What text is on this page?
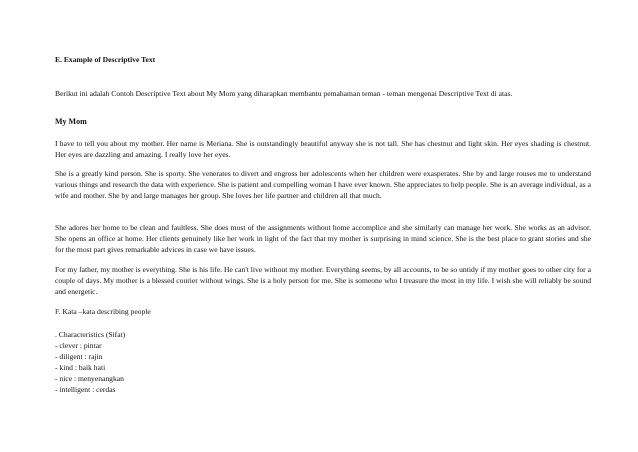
E. Example of Descriptive Text
Berikut ini adalah Contoh Descriptive Text about My Mom yang diharapkan membantu pemahaman teman - teman mengenai Descriptive Text di atas.
My Mom
I have to tell you about my mother. Her name is Meriana. She is outstandingly beautiful anyway she is not tall. She has chestnut and light skin. Her eyes shading is chestnut. Her eyes are dazzling and amazing. I really love her eyes.
She is a greatly kind person. She is sporty. She venerates to divert and engross her adolescents when her children were exasperates. She by and large rouses me to understand various things and research the data with experience. She is patient and compelling woman I have ever known. She appreciates to help people. She is an average individual, as a wife and mother. She by and large manages her group. She loves her life partner and children all that much.
She adores her home to be clean and faultless. She does most of the assignments without home accomplice and she similarly can manage her work. She works as an advisor. She opens an office at home. Her clients genuinely like her work in light of the fact that my mother is surprising in mind science. She is the best place to grant stories and she for the most part gives remarkable advices in case we have issues.
For my father, my mother is everything. She is his life. He can't live without my mother. Everything seems, by all accounts, to be so untidy if my mother goes to other city for a couple of days. My mother is a blessed courier without wings. She is a holy person for me. She is someone who I treasure the most in my life. I wish she will reliably be sound and energetic.
F. Kata –kata describing people
. Characteristics (Sifat)
- clever : pintar
- diligent : rajin
- kind : baik hati
- nice : menyenangkan
- intelligent : cerdas
